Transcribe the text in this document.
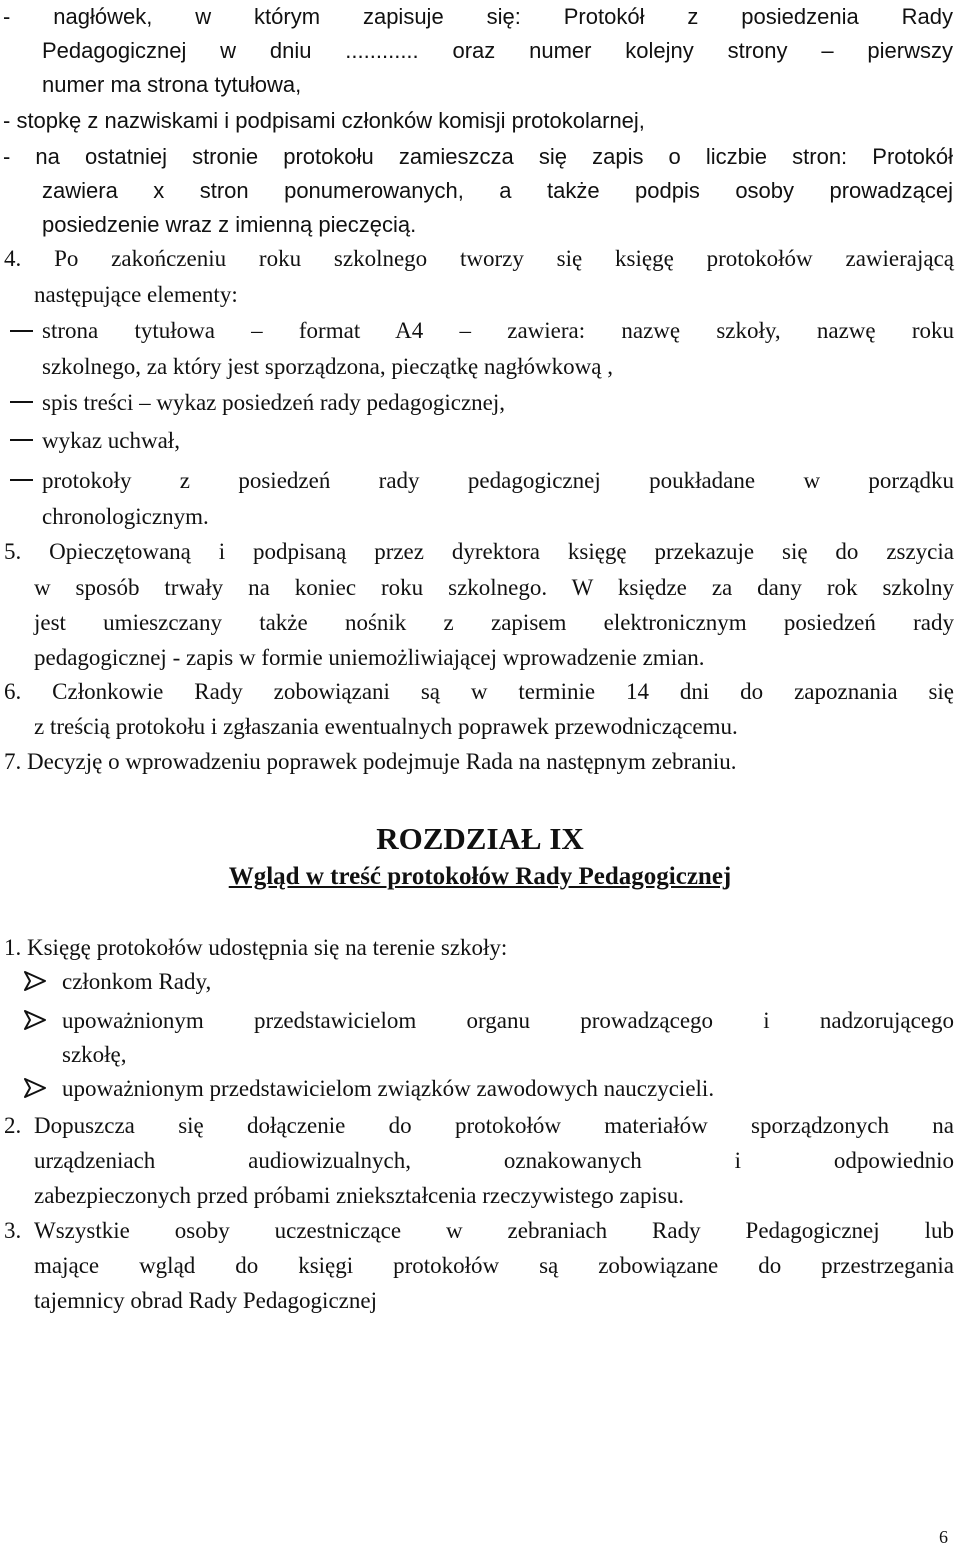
- nagłówek, w którym zapisuje się: Protokół z posiedzenia Rady
Pedagogicznej w dniu ............ oraz numer kolejny strony – pierwszy
numer ma strona tytułowa,
- stopkę z nazwiskami i podpisami członków komisji protokolarnej,
- na ostatniej stronie protokołu zamieszcza się zapis o liczbie stron: Protokół
zawiera x stron ponumerowanych, a także podpis osoby prowadzącej
posiedzenie wraz z imienną pieczęcią.
4. Po zakończeniu roku szkolnego tworzy się księgę protokołów zawierającą
następujące elementy:
strona tytułowa – format A4 – zawiera: nazwę szkoły, nazwę roku
szkolnego, za który jest sporządzona, pieczątkę nagłówkową ,
spis treści – wykaz posiedzeń rady pedagogicznej,
wykaz uchwał,
protokoły z posiedzeń rady pedagogicznej poukładane w porządku
chronologicznym.
5. Opieczętowaną i podpisaną przez dyrektora księgę przekazuje się do zszycia
w sposób trwały na koniec roku szkolnego. W księdze za dany rok szkolny
jest umieszczany także nośnik z zapisem elektronicznym posiedzeń rady
pedagogicznej - zapis w formie uniemożliwiającej wprowadzenie zmian.
6. Członkowie Rady zobowiązani są w terminie 14 dni do zapoznania się
z treścią protokołu i zgłaszania ewentualnych poprawek przewodniczącemu.
7. Decyzję o wprowadzeniu poprawek podejmuje Rada na następnym zebraniu.
ROZDZIAŁ IX
Wgląd w treść protokołów Rady Pedagogicznej
1. Księgę protokołów udostępnia się na terenie szkoły:
członkom Rady,
upoważnionym przedstawicielom organu prowadzącego i nadzorującego
szkołę,
upoważnionym przedstawicielom związków zawodowych nauczycieli.
2. Dopuszcza się dołączenie do protokołów materiałów sporządzonych na
urządzeniach audiowizualnych, oznakowanych i odpowiednio
zabezpieczonych przed próbami zniekształcenia rzeczywistego zapisu.
3. Wszystkie osoby uczestniczące w zebraniach Rady Pedagogicznej lub
mające wgląd do księgi protokołów są zobowiązane do przestrzegania
tajemnicy obrad Rady Pedagogicznej
6
